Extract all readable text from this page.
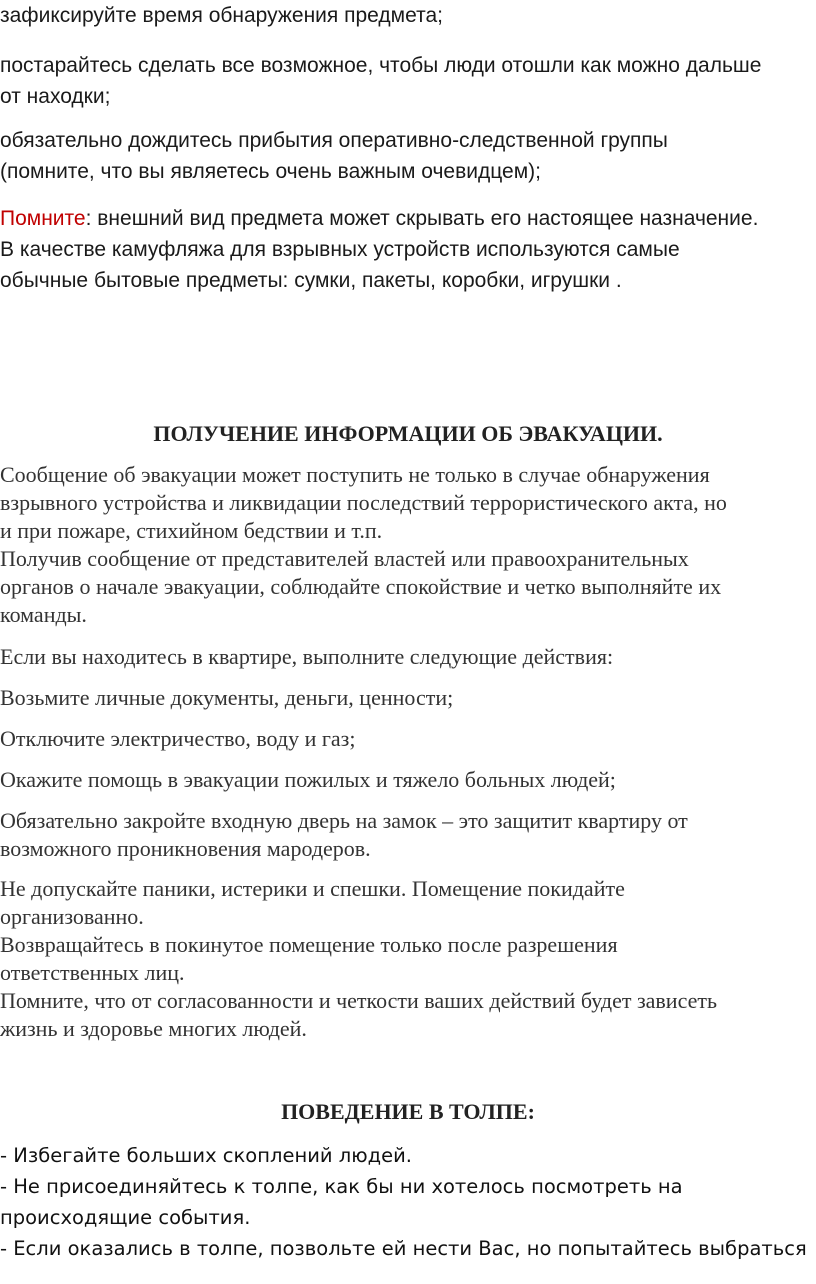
зафиксируйте время обнаружения предмета;

постарайтесь сделать все возможное, чтобы люди отошли как можно дальше
от находки;

обязательно дождитесь прибытия оперативно-следственной группы
(помните, что вы являетесь очень важным очевидцем);

Помните: внешний вид предмета может скрывать его настоящее назначение.
В качестве камуфляжа для взрывных устройств используются самые
обычные бытовые предметы: сумки, пакеты, коробки, игрушки .

ПОЛУЧЕНИЕ ИНФОРМАЦИИ ОБ ЭВАКУАЦИИ.

Сообщение об эвакуации может поступить не только в случае обнаружения
взрывного устройства и ликвидации последствий террористического акта, но
и при пожаре, стихийном бедствии и т.п.
Получив сообщение от представителей властей или правоохранительных
органов о начале эвакуации, соблюдайте спокойствие и четко выполняйте их
команды.

Если вы находитесь в квартире, выполните следующие действия:

Возьмите личные документы, деньги, ценности;

Отключите электричество, воду и газ;

Окажите помощь в эвакуации пожилых и тяжело больных людей;

Обязательно закройте входную дверь на замок – это защитит квартиру от
возможного проникновения мародеров.

Не допускайте паники, истерики и спешки. Помещение покидайте
организованно.
Возвращайтесь в покинутое помещение только после разрешения
ответственных лиц.
Помните, что от согласованности и четкости ваших действий будет зависеть
жизнь и здоровье многих людей.

ПОВЕДЕНИЕ В ТОЛПЕ:

- Избегайте больших скоплений людей.
- Не присоединяйтесь к толпе, как бы ни хотелось посмотреть на
происходящие события.
- Если оказались в толпе, позвольте ей нести Вас, но попытайтесь выбраться
